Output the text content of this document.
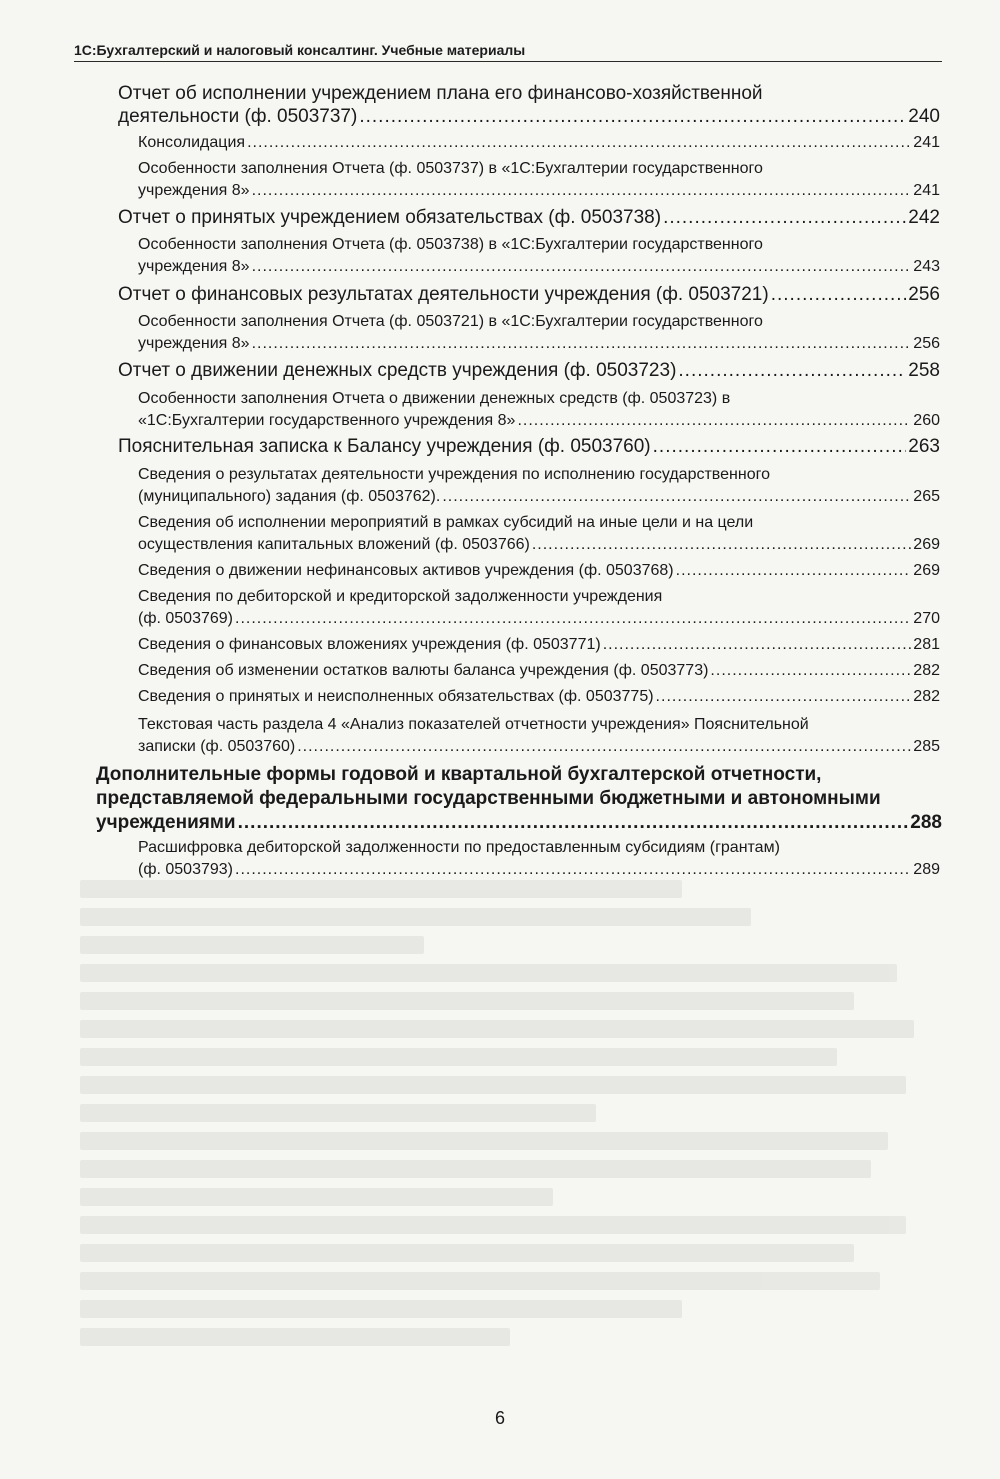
1С:Бухгалтерский и налоговый консалтинг. Учебные материалы
Отчет об исполнении учреждением плана его финансово-хозяйственной
деятельности (ф. 0503737) .....	240
Консолидация .....	241
Особенности заполнения Отчета (ф. 0503737) в «1С:Бухгалтерии государственного
учреждения 8» .....	241
Отчет о принятых учреждением обязательствах (ф. 0503738) .....	242
Особенности заполнения Отчета (ф. 0503738) в «1С:Бухгалтерии государственного
учреждения 8» .....	243
Отчет о финансовых результатах деятельности учреждения (ф. 0503721) .....	256
Особенности заполнения Отчета (ф. 0503721) в «1С:Бухгалтерии государственного
учреждения 8» .....	256
Отчет о движении денежных средств учреждения (ф. 0503723) .....	258
Особенности заполнения Отчета о движении денежных средств (ф. 0503723) в
«1С:Бухгалтерии государственного учреждения 8» .....	260
Пояснительная записка к Балансу учреждения (ф. 0503760) .....	263
Сведения о результатах деятельности учреждения по исполнению государственного
(муниципального) задания (ф. 0503762). .....	265
Сведения об исполнении мероприятий в рамках субсидий на иные цели и на цели
осуществления капитальных вложений (ф. 0503766) .....	269
Сведения о движении нефинансовых активов учреждения (ф. 0503768) .....	269
Сведения по дебиторской и кредиторской задолженности учреждения
(ф. 0503769) .....	270
Сведения о финансовых вложениях учреждения (ф. 0503771) .....	281
Сведения об изменении остатков валюты баланса учреждения (ф. 0503773) .....	282
Сведения о принятых и неисполненных обязательствах (ф. 0503775) .....	282
Текстовая часть раздела 4 «Анализ показателей отчетности учреждения» Пояснительной
записки (ф. 0503760) .....	285
Дополнительные формы годовой и квартальной бухгалтерской отчетности,
представляемой федеральными государственными бюджетными и автономными
учреждениями .....	288
Расшифровка дебиторской задолженности по предоставленным субсидиям (грантам)
(ф. 0503793) .....	289
6
